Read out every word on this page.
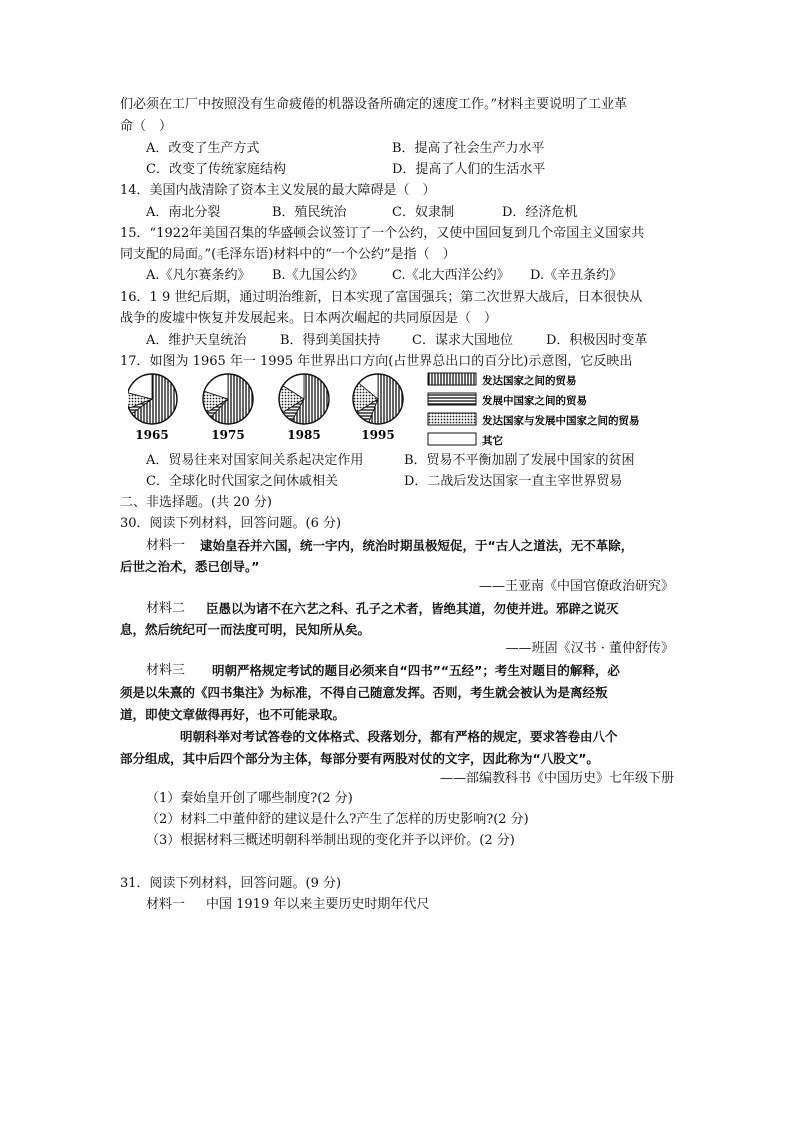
们必须在工厂中按照没有生命疲倦的机器设备所确定的速度工作。”材料主要说明了工业革
命（　）
A．改变了生产方式	B．提高了社会生产力水平
C．改变了传统家庭结构	D．提高了人们的生活水平
14．美国内战清除了资本主义发展的最大障碍是（　）
A．南北分裂	B．殖民统治	C．奴隶制	D．经济危机
15．“1922年美国召集的华盛顿会议签订了一个公约，又使中国回复到几个帝国主义国家共
同支配的局面。”(毛泽东语)材料中的“一个公约”是指（　）
A.《凡尔赛条约》 B.《九国公约》 C.《北大西洋公约》 D.《辛丑条约》
16．1 9 世纪后期，通过明治维新，日本实现了富国强兵；第二次世界大战后，日本很快从
战争的废墟中恢复并发展起来。日本两次崛起的共同原因是（　）
A．维护天皇统治	B．得到美国扶持 C．谋求大国地位	D．积极因时变革
17．如图为 1965 年一 1995 年世界出口方向(占世界总出口的百分比)示意图，它反映出
1965	1975	1985	1995
发达国家之间的贸易
发展中国家之间的贸易
发达国家与发展中国家之间的贸易
其它
A．贸易往来对国家间关系起决定作用	B．贸易不平衡加剧了发展中国家的贫困
C．全球化时代国家之间休戚相关	D．二战后发达国家一直主宰世界贸易
二、非选择题。(共 20 分)
30．阅读下列材料，回答问题。(6 分)
材料一 逮始皇吞并六国，统一宇内，统治时期虽极短促，于“古人之道法，无不革除，
后世之治术，悉已创导。”
——王亚南《中国官僚政治研究》
材料二 臣愚以为诸不在六艺之科、孔子之术者，皆绝其道，勿使并进。邪辟之说灭
息，然后统纪可一而法度可明，民知所从矣。
——班固《汉书 · 董仲舒传》
材料三 明朝严格规定考试的题目必须来自“四书”“五经”；考生对题目的解释，必
须是以朱熹的《四书集注》为标准，不得自己随意发挥。否则，考生就会被认为是离经叛
道，即使文章做得再好，也不可能录取。
明朝科举对考试答卷的文体格式、段落划分，都有严格的规定，要求答卷由八个
部分组成，其中后四个部分为主体，每部分要有两股对仗的文字，因此称为“八股文”。
——部编教科书《中国历史》七年级下册
（1）秦始皇开创了哪些制度?(2 分)
（2）材料二中董仲舒的建议是什么?产生了怎样的历史影响?(2 分)
（3）根据材料三概述明朝科举制出现的变化并予以评价。(2 分)
31．阅读下列材料，回答问题。(9 分)
材料一 中国 1919 年以来主要历史时期年代尺
